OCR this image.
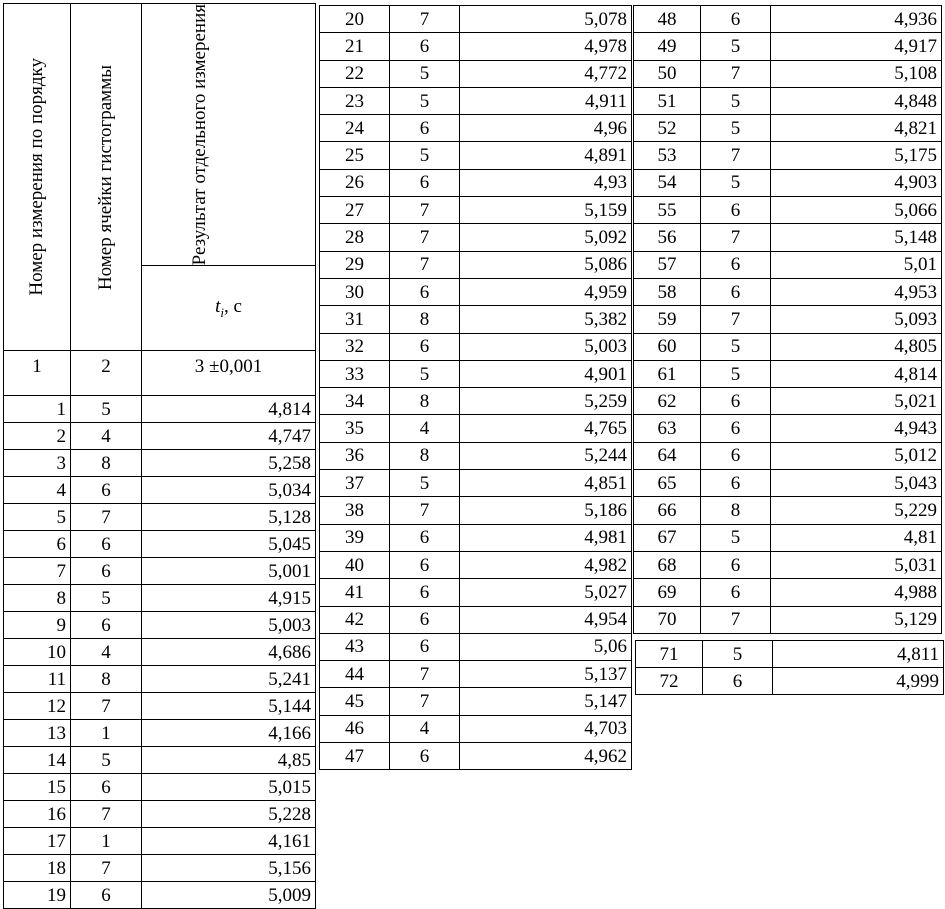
Номер измерения по порядку	Номер ячейки гистограммы	Результат отдельного измерения

		$t_i$, с
1	2	3 ±0,001
1	5	4,814
2	4	4,747
3	8	5,258
4	6	5,034
5	7	5,128
6	6	5,045
7	6	5,001
8	5	4,915
9	6	5,003
10	4	4,686
11	8	5,241
12	7	5,144
13	1	4,166
14	5	4,85
15	6	5,015
16	7	5,228
17	1	4,161
18	7	5,156
19	6	5,009
20	7	5,078
21	6	4,978
22	5	4,772
23	5	4,911
24	6	4,96
25	5	4,891
26	6	4,93
27	7	5,159
28	7	5,092
29	7	5,086
30	6	4,959
31	8	5,382
32	6	5,003
33	5	4,901
34	8	5,259
35	4	4,765
36	8	5,244
37	5	4,851
38	7	5,186
39	6	4,981
40	6	4,982
41	6	5,027
42	6	4,954
43	6	5,06
44	7	5,137
45	7	5,147
46	4	4,703
47	6	4,962
48	6	4,936
49	5	4,917
50	7	5,108
51	5	4,848
52	5	4,821
53	7	5,175
54	5	4,903
55	6	5,066
56	7	5,148
57	6	5,01
58	6	4,953
59	7	5,093
60	5	4,805
61	5	4,814
62	6	5,021
63	6	4,943
64	6	5,012
65	6	5,043
66	8	5,229
67	5	4,81
68	6	5,031
69	6	4,988
70	7	5,129
71	5	4,811
72	6	4,999
